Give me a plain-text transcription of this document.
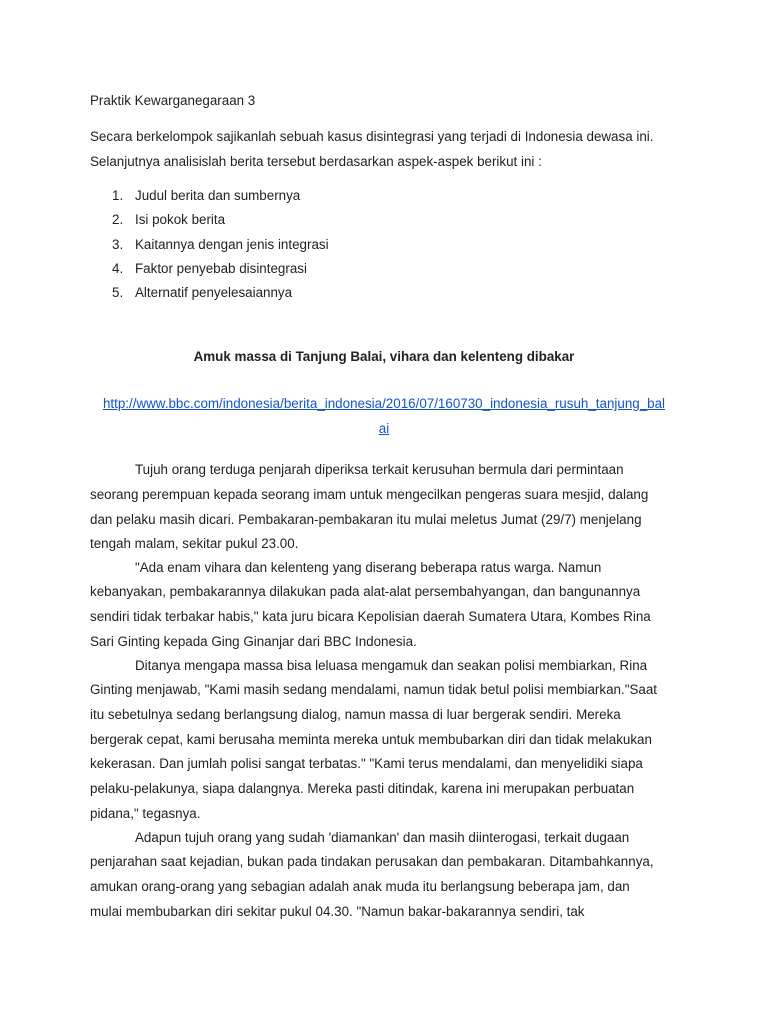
Praktik Kewarganegaraan 3
Secara berkelompok sajikanlah sebuah kasus disintegrasi yang terjadi di Indonesia dewasa ini.
Selanjutnya analisislah berita tersebut berdasarkan aspek-aspek berikut ini :
1. Judul berita dan sumbernya
2. Isi pokok berita
3. Kaitannya dengan jenis integrasi
4. Faktor penyebab disintegrasi
5. Alternatif penyelesaiannya
Amuk massa di Tanjung Balai, vihara dan kelenteng dibakar
http://www.bbc.com/indonesia/berita_indonesia/2016/07/160730_indonesia_rusuh_tanjung_bal
ai
Tujuh orang terduga penjarah diperiksa terkait kerusuhan bermula dari permintaan
seorang perempuan kepada seorang imam untuk mengecilkan pengeras suara mesjid, dalang
dan pelaku masih dicari. Pembakaran-pembakaran itu mulai meletus Jumat (29/7) menjelang
tengah malam, sekitar pukul 23.00.
"Ada enam vihara dan kelenteng yang diserang beberapa ratus warga. Namun
kebanyakan, pembakarannya dilakukan pada alat-alat persembahyangan, dan bangunannya
sendiri tidak terbakar habis," kata juru bicara Kepolisian daerah Sumatera Utara, Kombes Rina
Sari Ginting kepada Ging Ginanjar dari BBC Indonesia.
Ditanya mengapa massa bisa leluasa mengamuk dan seakan polisi membiarkan, Rina
Ginting menjawab, "Kami masih sedang mendalami, namun tidak betul polisi membiarkan."Saat
itu sebetulnya sedang berlangsung dialog, namun massa di luar bergerak sendiri. Mereka
bergerak cepat, kami berusaha meminta mereka untuk membubarkan diri dan tidak melakukan
kekerasan. Dan jumlah polisi sangat terbatas." "Kami terus mendalami, dan menyelidiki siapa
pelaku-pelakunya, siapa dalangnya. Mereka pasti ditindak, karena ini merupakan perbuatan
pidana," tegasnya.
Adapun tujuh orang yang sudah 'diamankan' dan masih diinterogasi, terkait dugaan
penjarahan saat kejadian, bukan pada tindakan perusakan dan pembakaran. Ditambahkannya,
amukan orang-orang yang sebagian adalah anak muda itu berlangsung beberapa jam, dan
mulai membubarkan diri sekitar pukul 04.30. "Namun bakar-bakarannya sendiri, tak
